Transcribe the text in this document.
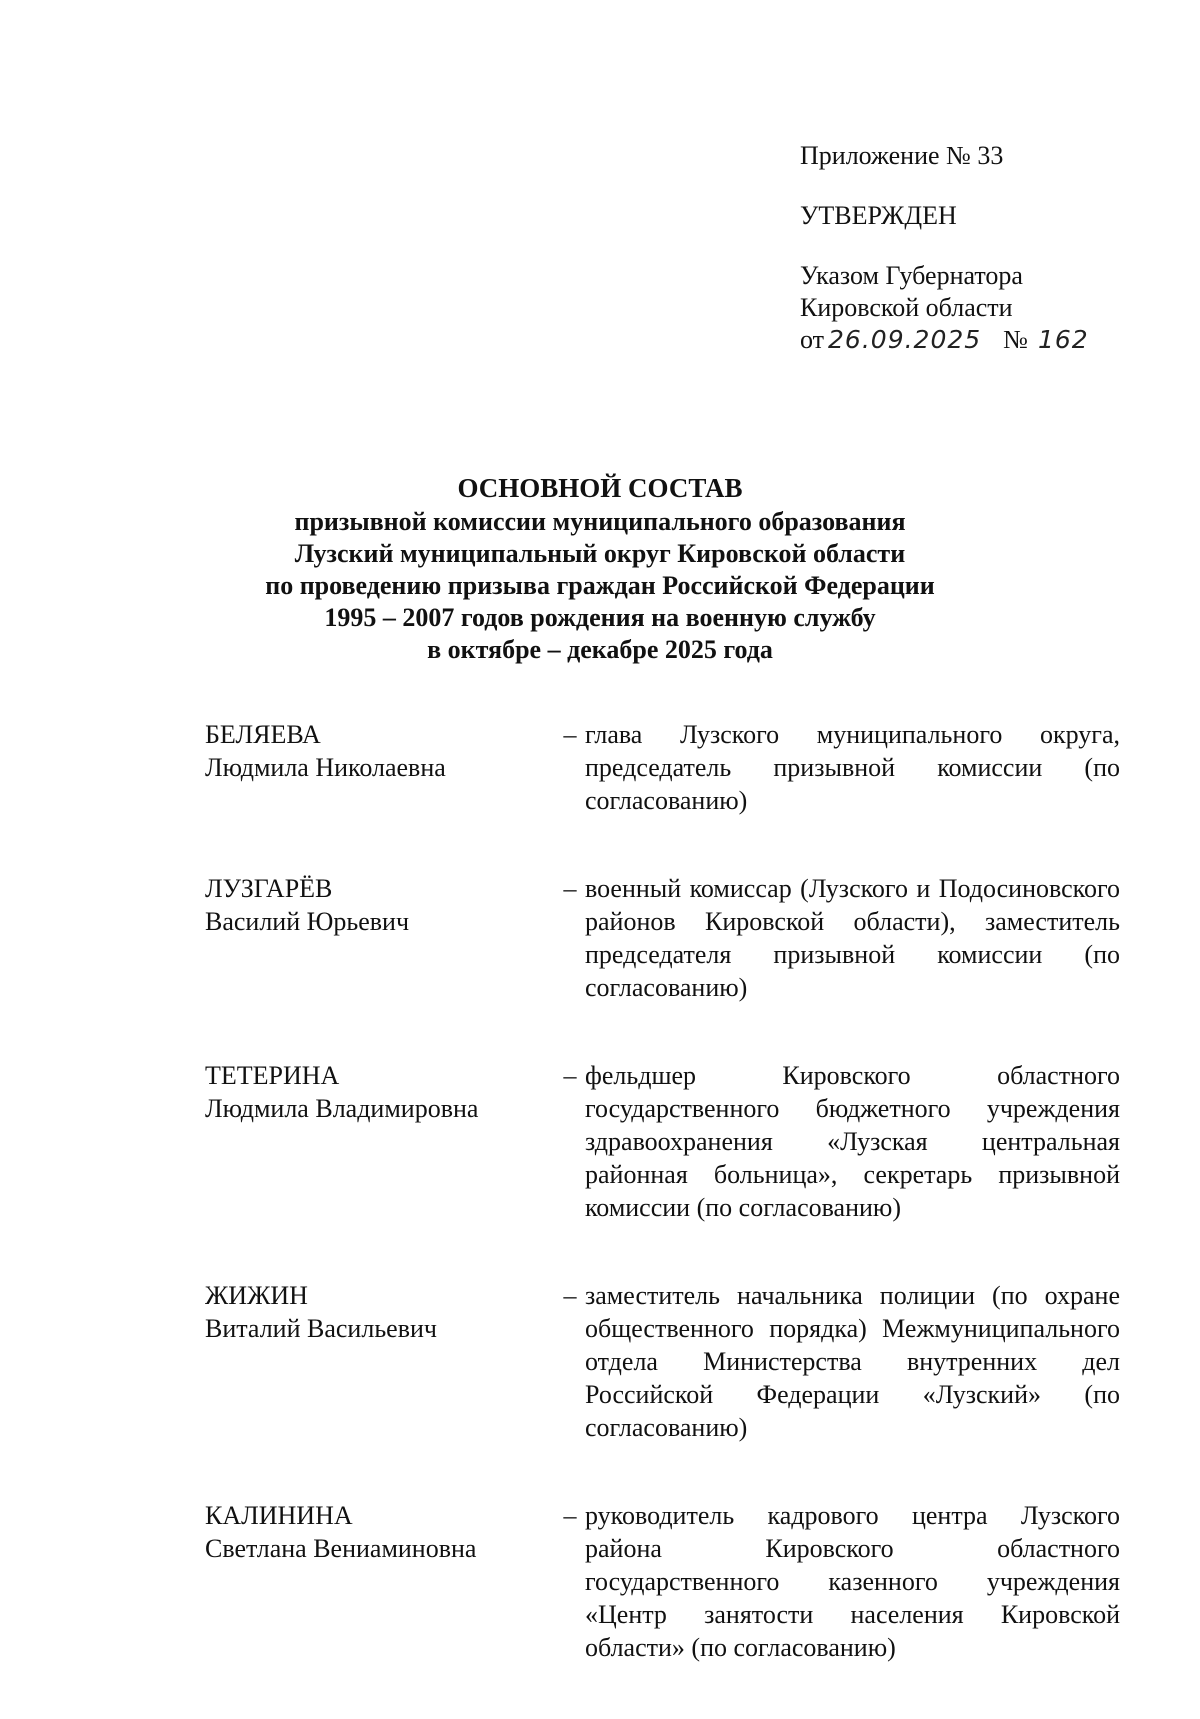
Приложение № 33
УТВЕРЖДЕН
Указом Губернатора
Кировской области
от 26.09.2025 № 162
ОСНОВНОЙ СОСТАВ
призывной комиссии муниципального образования
Лузский муниципальный округ Кировской области
по проведению призыва граждан Российской Федерации
1995 – 2007 годов рождения на военную службу
в октябре – декабре 2025 года
БЕЛЯЕВА
Людмила Николаевна
– глава Лузского муниципального округа, председатель призывной комиссии (по согласованию)
ЛУЗГАРЁВ
Василий Юрьевич
– военный комиссар (Лузского и Подосиновского районов Кировской области), заместитель председателя призывной комиссии (по согласованию)
ТЕТЕРИНА
Людмила Владимировна
– фельдшер Кировского областного государственного бюджетного учреждения здравоохранения «Лузская центральная районная больница», секретарь призывной комиссии (по согласованию)
ЖИЖИН
Виталий Васильевич
– заместитель начальника полиции (по охране общественного порядка) Межмуниципального отдела Министерства внутренних дел Российской Федерации «Лузский» (по согласованию)
КАЛИНИНА
Светлана Вениаминовна
– руководитель кадрового центра Лузского района Кировского областного государственного казенного учреждения «Центр занятости населения Кировской области» (по согласованию)
